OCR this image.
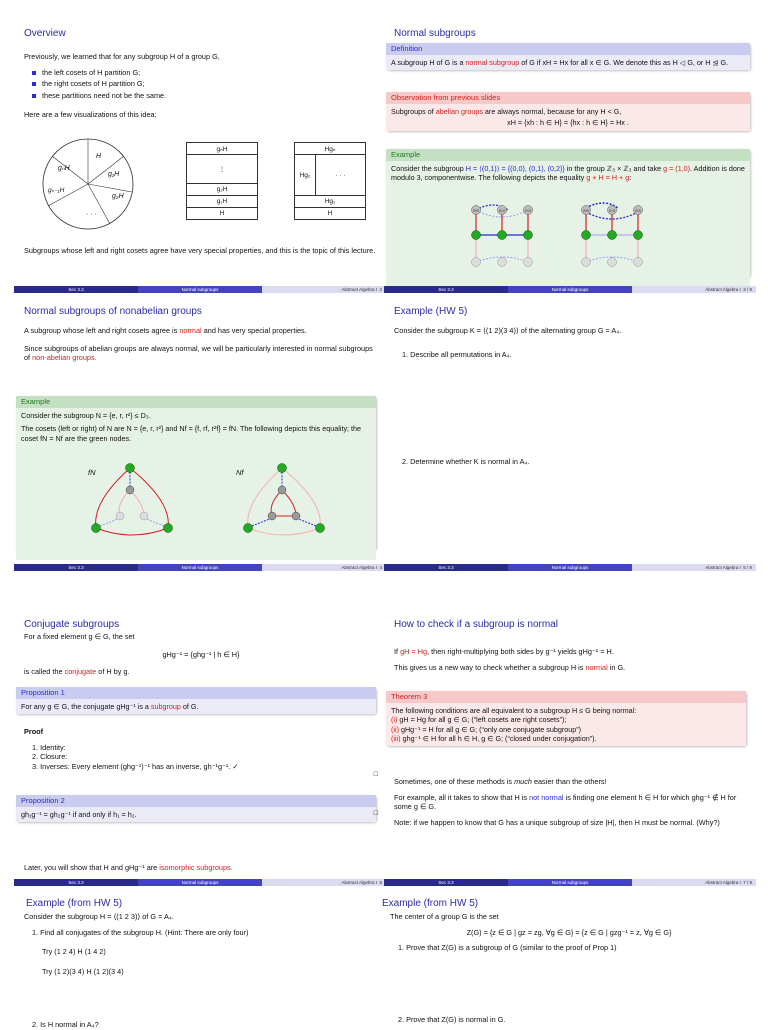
Overview

Previously, we learned that for any subgroup H of a group G,

the left cosets of H partition G;
the right cosets of H partition G;
these partitions need not be the same.

Here are a few visualizations of this idea:

H
g₁H
g₂H
· · ·
gₙ₋₁H
gₙH
gₙH
⋮
g₂H
g₁H
H
Hgₙ
Hg₂	· · ·
Hg₁
H

Subgroups whose left and right cosets agree have very special properties, and this is the topic of this lecture.

Sec 3.3	Normal subgroups	Abstract Algebra I
2
Normal subgroups
Definition
A subgroup H of G is a normal subgroup of G if xH = Hx for all x ∈ G. We denote this as H ◁ G, or H ⊴ G.
Observation from previous slides
Subgroups of abelian groups are always normal, because for any H < G,
xH = {xh : h ∈ H} = {hx : h ∈ H} = Hx .
Example
Consider the subgroup H = ⟨(0,1)⟩ = {(0,0), (0,1), (0,2)} in the group ℤ₃ × ℤ₃ and take g = (1,0). Addition is done modulo 3, componentwise. The following depicts the equality g + H = H + g:
(0,0)	(0,1)	(0,2)	(0,0)	(0,1)	(0,2)
Sec 3.3	Normal subgroups	Abstract Algebra I
3 / 9
Normal subgroups of nonabelian groups

A subgroup whose left and right cosets agree is normal and has very special properties.

Since subgroups of abelian groups are always normal, we will be particularly interested in normal subgroups of non-abelian groups.

Example
Consider the subgroup N = {e, r, r²} ≤ D₃.
The cosets (left or right) of N are N = {e, r, r²} and Nf = {f, rf, r²f} = fN. The following depicts this equality; the coset fN = Nf are the green nodes.
fN	Nf
Sec 3.3	Normal subgroups	Abstract Algebra I
4
Example (HW 5)

Consider the subgroup K = ⟨(1 2)(3 4)⟩ of the alternating group G = A₄.

1. Describe all permutations in A₄.
2. Determine whether K is normal in A₄.
Sec 3.3	Normal subgroups	Abstract Algebra I
5 / 9
Conjugate subgroups
For a fixed element g ∈ G, the set
gHg⁻¹ = {ghg⁻¹ | h ∈ H}
is called the conjugate of H by g.
Proposition 1
For any g ∈ G, the conjugate gHg⁻¹ is a subgroup of G.
Proof
1. Identity:
2. Closure:
3. Inverses: Every element (ghg⁻¹)⁻¹ has an inverse, gh⁻¹g⁻¹. ✓
□
Proposition 2
gh₁g⁻¹ = gh₂g⁻¹ if and only if h₁ = h₂.	□
Later, you will show that H and gHg⁻¹ are isomorphic subgroups.
Sec 3.3	Normal subgroups	Abstract Algebra I
6
How to check if a subgroup is normal

If gH = Hg, then right-multiplying both sides by g⁻¹ yields gHg⁻¹ = H.

This gives us a new way to check whether a subgroup H is normal in G.

Theorem 3
The following conditions are all equivalent to a subgroup H ≤ G being normal:
(i) gH = Hg for all g ∈ G; (“left cosets are right cosets”);
(ii) gHg⁻¹ = H for all g ∈ G; (“only one conjugate subgroup”)
(iii) ghg⁻¹ ∈ H for all h ∈ H, g ∈ G; (“closed under conjugation”).

Sometimes, one of these methods is much easier than the others!

For example, all it takes to show that H is not normal is finding one element h ∈ H for which ghg⁻¹ ∉ H for some g ∈ G.

Note: if we happen to know that G has a unique subgroup of size |H|, then H must be normal. (Why?)

Sec 3.3	Normal subgroups	Abstract Algebra I
7 / 9
Example (from HW 5)
Consider the subgroup H = ⟨(1 2 3)⟩ of G = A₄.
1. Find all conjugates of the subgroup H. (Hint: There are only four)
Try (1 2 4) H (1 4 2)
Try (1 2)(3 4) H (1 2)(3 4)
2. Is H normal in A₄?
Example (from HW 5)
The center of a group G is the set
Z(G) = {z ∈ G | gz = zg, ∀g ∈ G} = {z ∈ G | gzg⁻¹ = z, ∀g ∈ G}
1. Prove that Z(G) is a subgroup of G (similar to the proof of Prop 1)
2. Prove that Z(G) is normal in G.
